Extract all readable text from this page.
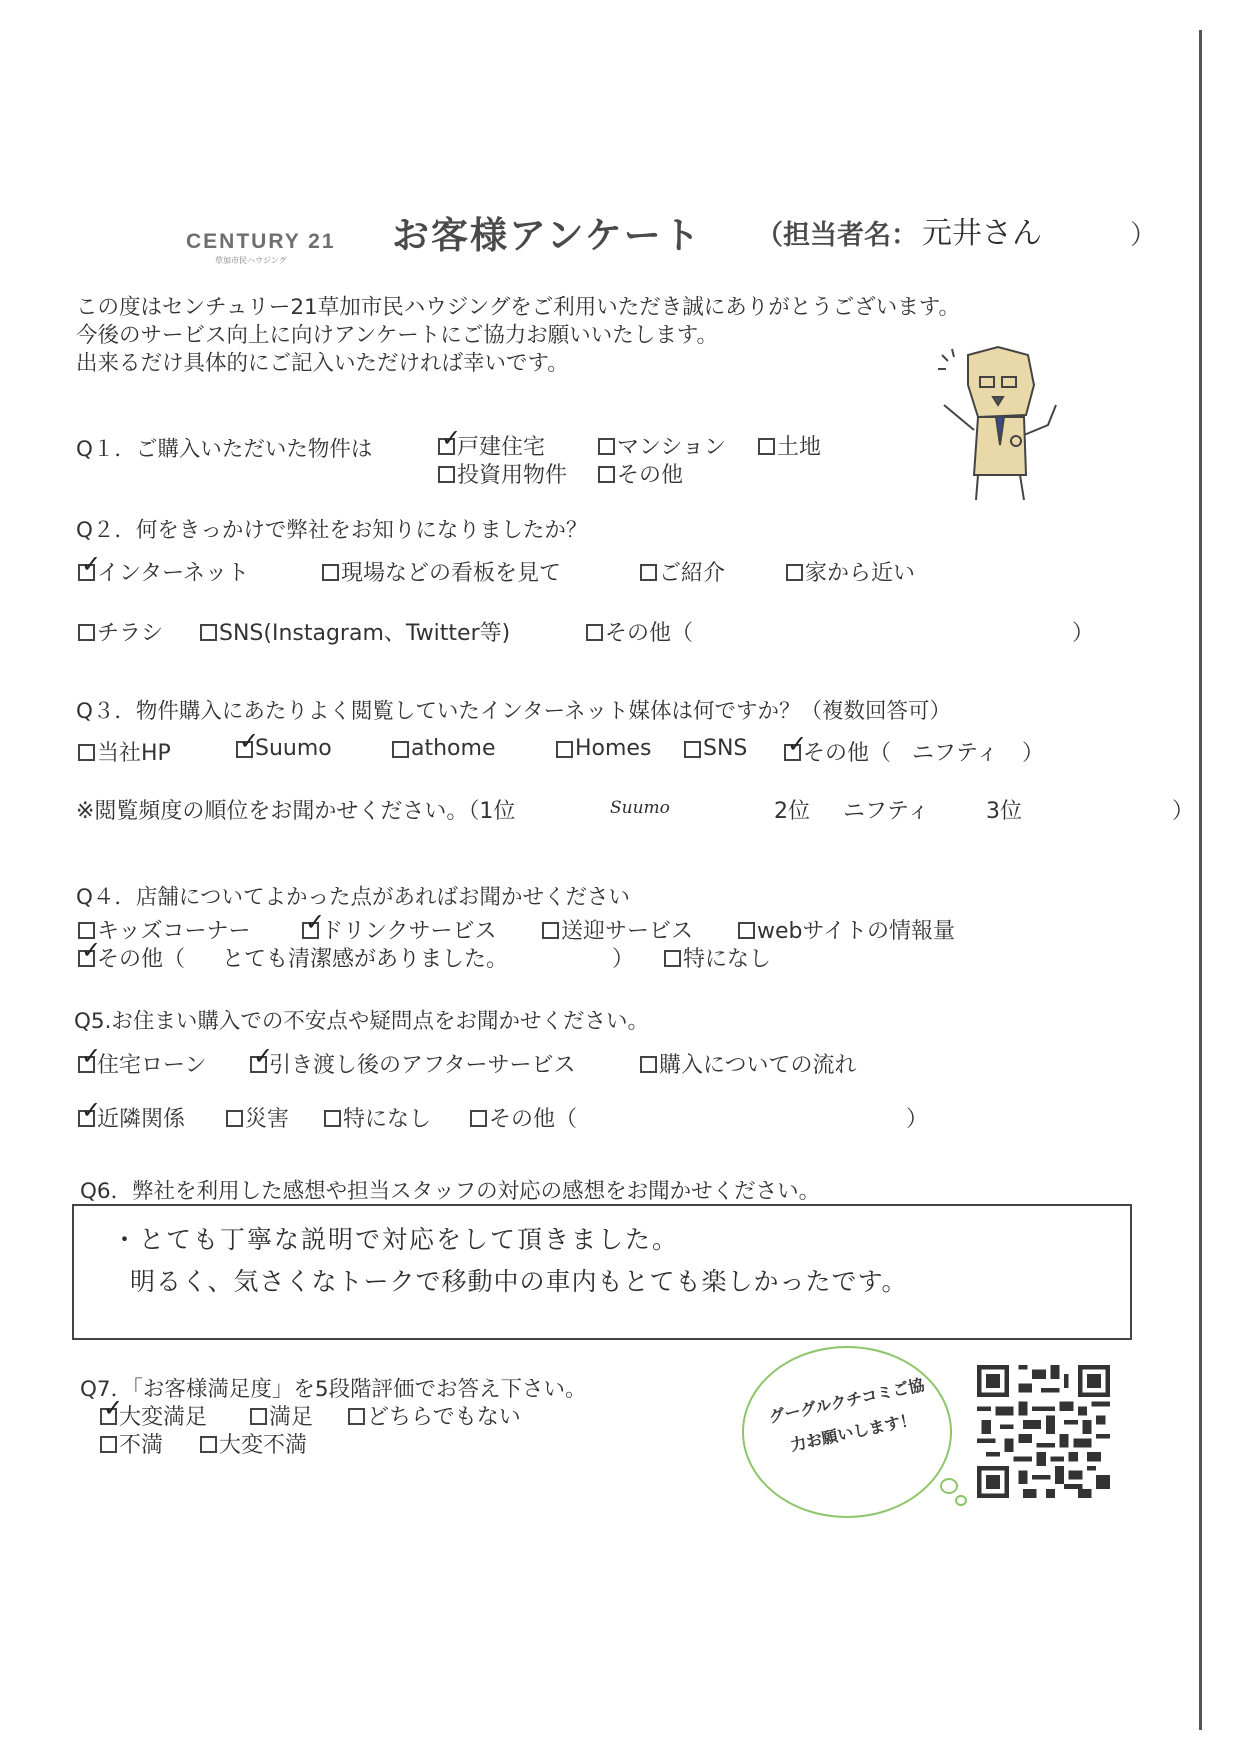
CENTURY 21
草加市民ハウジング
お客様アンケート （担当者名： 元井さん	）
この度はセンチュリー21草加市民ハウジングをご利用いただき誠にありがとうございます。
今後のサービス向上に向けアンケートにご協力お願いいたします。
出来るだけ具体的にご記入いただければ幸いです。
Q１．ご購入いただいた物件は ✓	戸建住宅	マンション 土地
投資用物件 その他
Q２．何をきっかけで弊社をお知りになりましたか？
✓
インターネット	現場などの看板を見て	ご紹介	家から近い
チラシ	SNS(Instagram、Twitter等)	その他（	）
Q３．物件購入にあたりよく閲覧していたインターネット媒体は何ですか？（複数回答可）
当社HP ✓	Suumo	athome	Homes SNS ✓	その他（ ニフティ ）
※閲覧頻度の順位をお聞かせください。（1位	Suumo	2位 ニフティ	3位	）
Q４．店舗についてよかった点があればお聞かせください
キッズコーナー ✓	ドリンクサービス	送迎サービス	webサイトの情報量
✓
その他（ とても清潔感がありました。	） 特になし
Q5.お住まい購入での不安点や疑問点をお聞かせください。
✓
住宅ローン ✓	引き渡し後のアフターサービス	購入についての流れ
✓
近隣関係	災害 特になし	その他（	）
Q6．弊社を利用した感想や担当スタッフの対応の感想をお聞かせください。
・とても丁寧な説明で対応をして頂きました。
明るく、気さくなトークで移動中の車内もとても楽しかったです。
Q7．「お客様満足度」を5段階評価でお答え下さい。
✓
大変満足	満足 どちらでもない
不満	大変不満
グーグルクチコミご協力お願いします！
